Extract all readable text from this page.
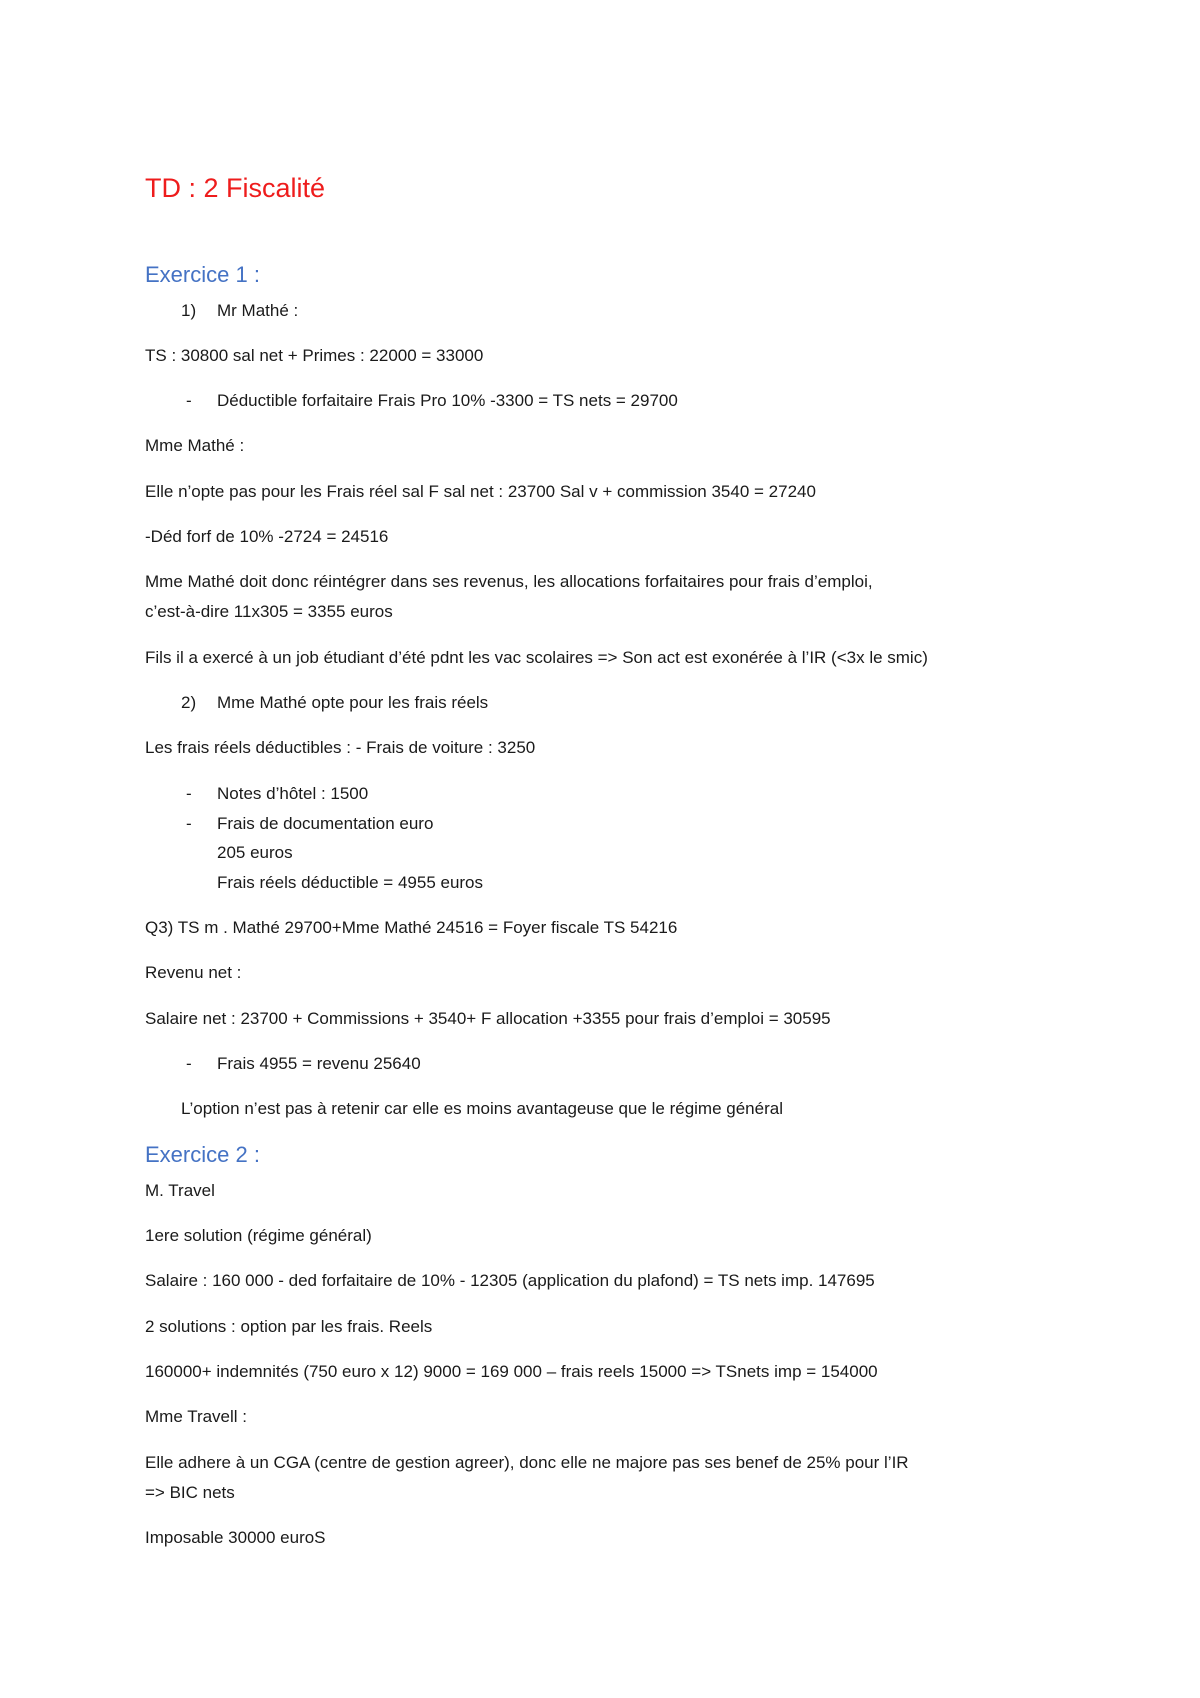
TD : 2 Fiscalité
Exercice 1 :
1) Mr Mathé :
TS : 30800 sal net + Primes : 22000 = 33000
- Déductible forfaitaire Frais Pro 10% -3300 = TS nets = 29700
Mme Mathé :
Elle n’opte pas pour les Frais réel sal F sal net : 23700 Sal v + commission 3540 = 27240
-Déd forf de 10% -2724 = 24516
Mme Mathé doit donc réintégrer dans ses revenus, les allocations forfaitaires pour frais d’emploi,
c’est-à-dire 11x305 = 3355 euros
Fils il a exercé à un job étudiant d’été pdnt les vac scolaires => Son act est exonérée à l’IR (<3x le smic)
2) Mme Mathé opte pour les frais réels
Les frais réels déductibles : - Frais de voiture : 3250
- Notes d’hôtel : 1500
- Frais de documentation euro
205 euros
Frais réels déductible = 4955 euros
Q3) TS m . Mathé 29700+Mme Mathé 24516 = Foyer fiscale TS 54216
Revenu net :
Salaire net : 23700 + Commissions + 3540+ F allocation +3355 pour frais d’emploi = 30595
- Frais 4955 = revenu 25640
L’option n’est pas à retenir car elle es moins avantageuse que le régime général
Exercice 2 :
M. Travel
1ere solution (régime général)
Salaire : 160 000 - ded forfaitaire de 10% - 12305 (application du plafond) = TS nets imp. 147695
2 solutions : option par les frais. Reels
160000+ indemnités (750 euro x 12) 9000 = 169 000 – frais reels 15000 => TSnets imp = 154000
Mme Travell :
Elle adhere à un CGA (centre de gestion agreer), donc elle ne majore pas ses benef de 25% pour l’IR
=> BIC nets
Imposable 30000 euroS
